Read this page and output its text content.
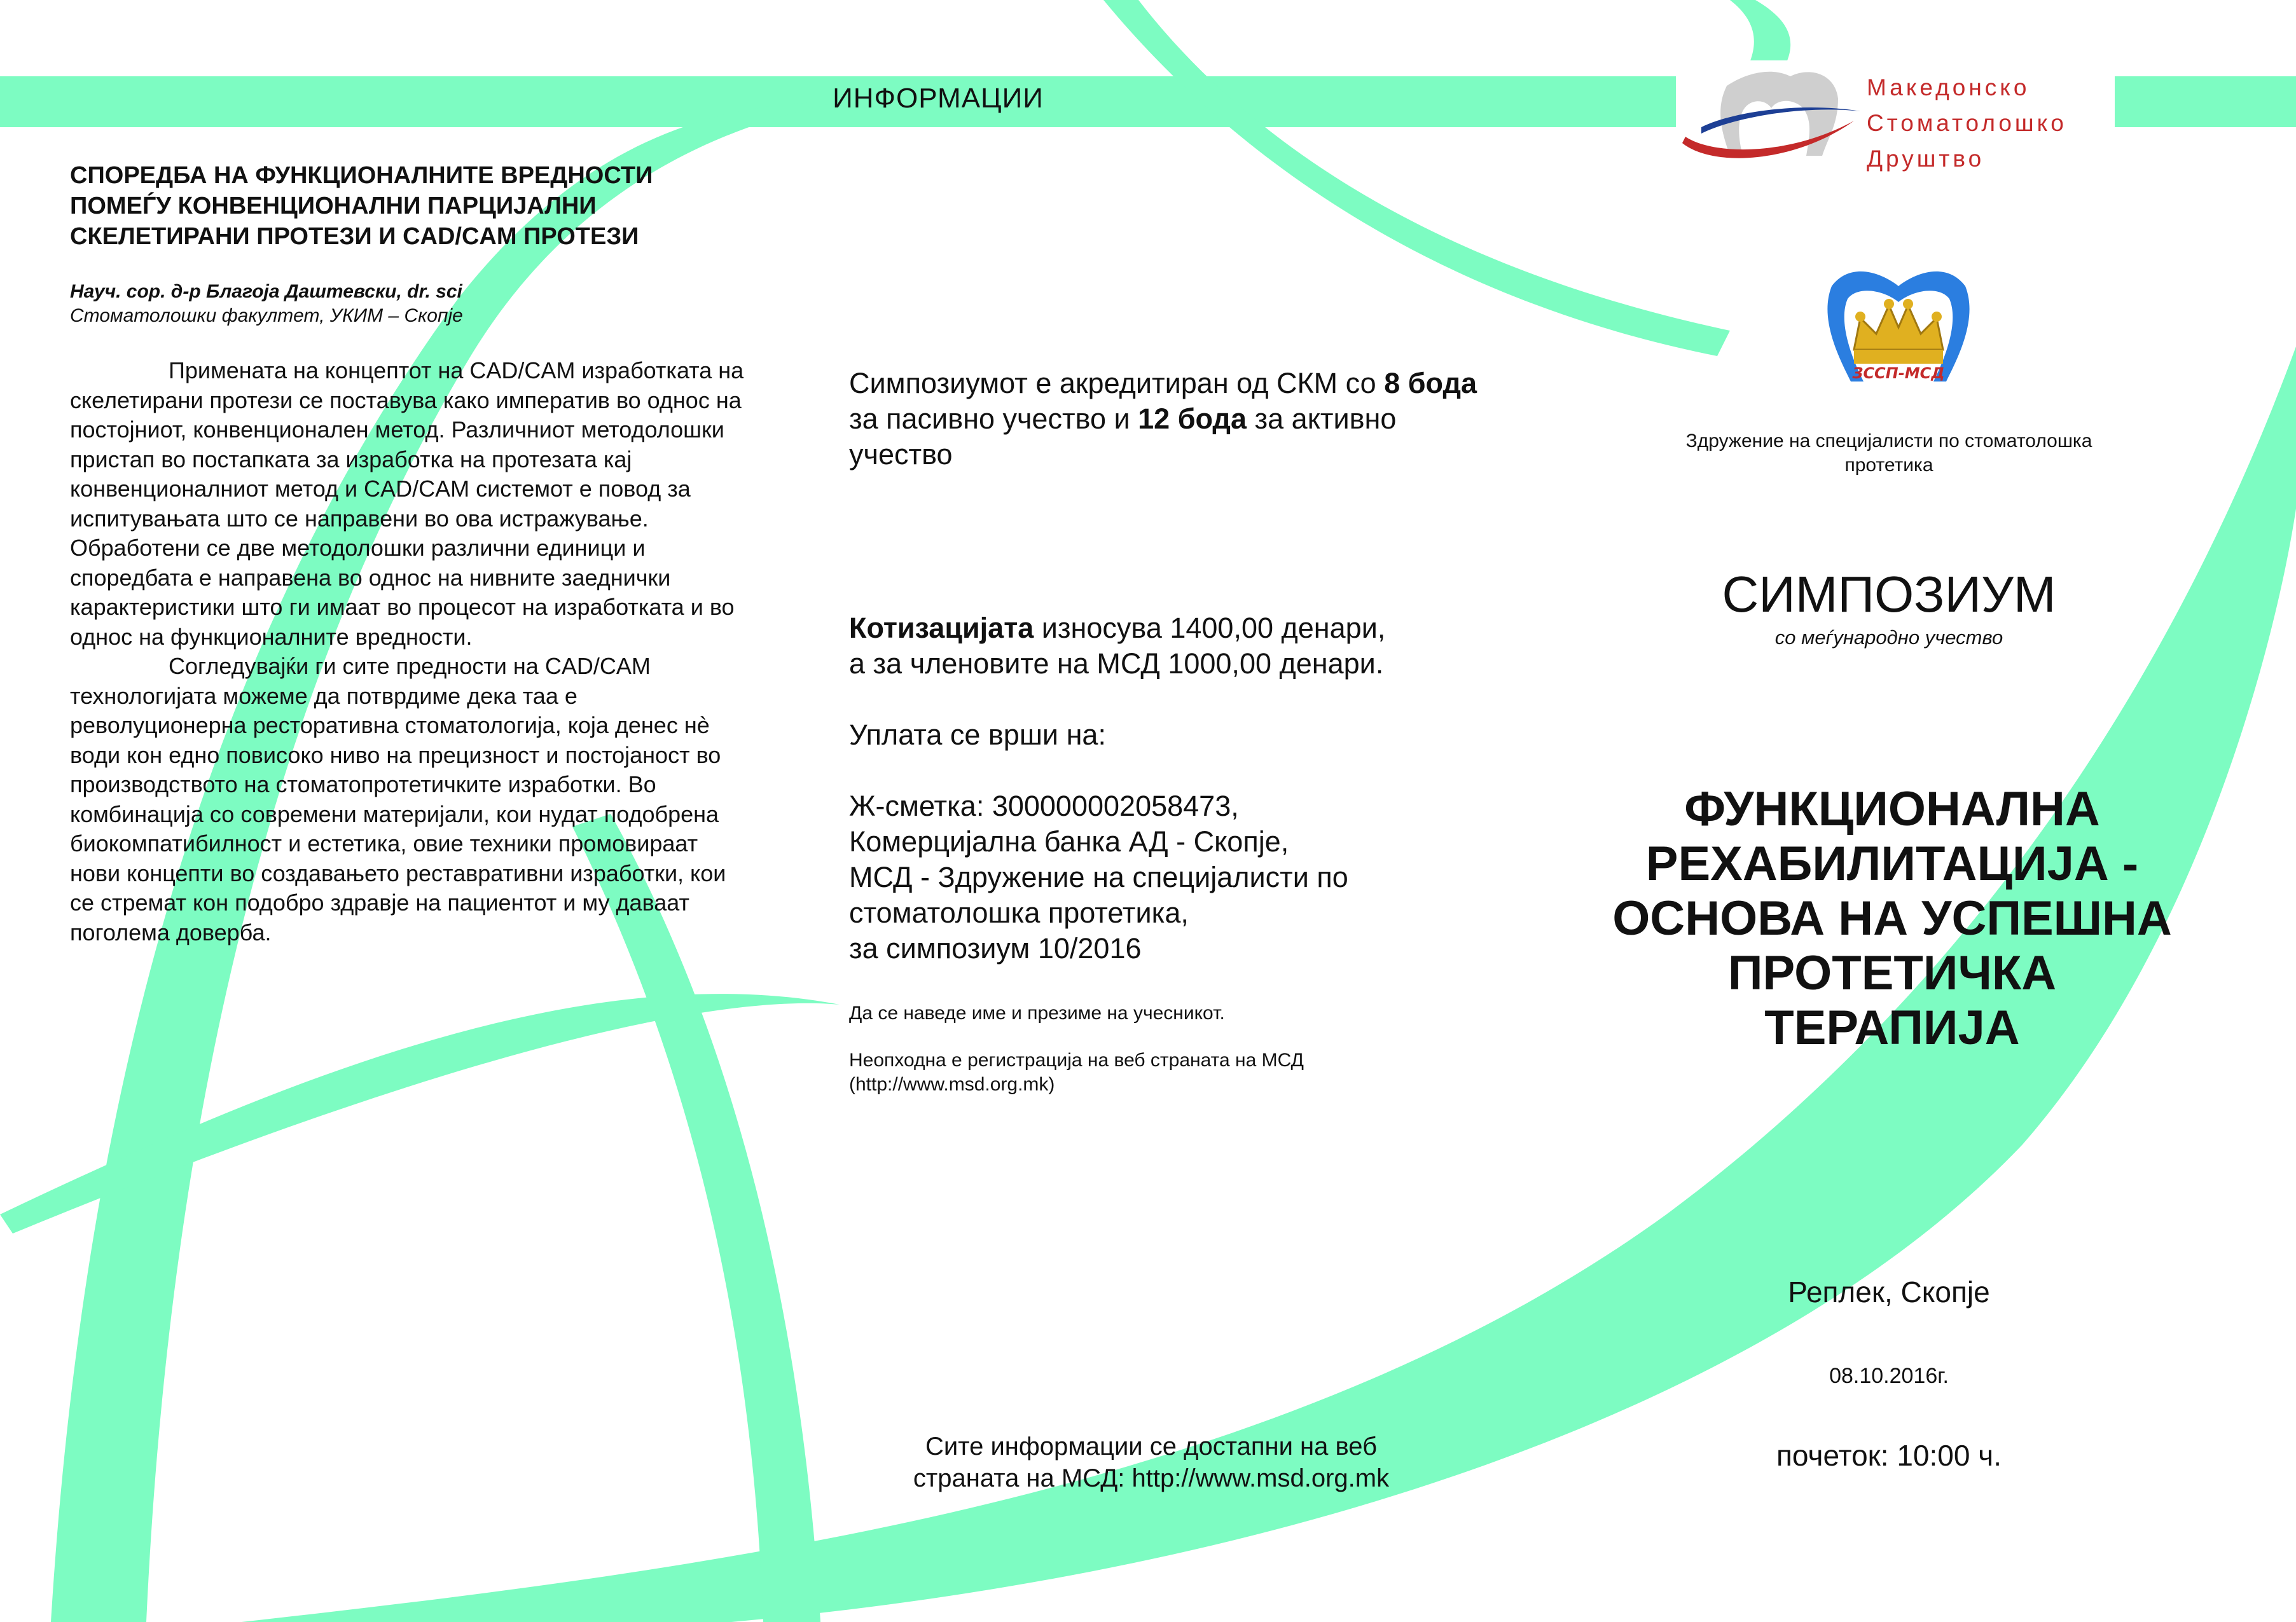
ИНФОРМАЦИИ	Македонско
Стоматолошко
Друштво
СПОРЕДБА НА ФУНКЦИОНАЛНИТЕ ВРЕДНОСТИ
ПОМЕЃУ КОНВЕНЦИОНАЛНИ ПАРЦИЈАЛНИ
СКЕЛЕТИРАНИ ПРОТЕЗИ И CAD/CAM ПРОТЕЗИ
Науч. сор. д-р Благоја Даштевски, dr. sci
Стоматолошки факултет, УКИМ – Скопје

Примената на концептот на CAD/CAM изработката на скелетирани протези се поставува како императив во однос на постојниот, конвенционален метод. Различниот методолошки пристап во постапката за изработка на протезата кај конвенционалниот метод и CAD/CAM системот е повод за испитувањата што се направени во ова истражување. Обработени се две методолошки различни единици и споредбата е направена во однос на нивните заеднички карактеристики што ги имаат во процесот на изработката и во однос на функционалните вредности.

Согледувајќи ги сите предности на CAD/CAM технологијата можеме да потврдиме дека таа е револуционерна ресторативна стоматологија, која денес нè води кон едно повисоко ниво на прецизност и постојаност во производството на стоматопротетичките изработки. Во комбинација со современи материјали, кои нудат подобрена биокомпатибилност и естетика, овие техники промовираат нови концепти во создавањето реставративни изработки, кои се стремат кон подобро здравје на пациентот и му даваат поголема доверба.

Симпозиумот е акредитиран од СКМ со 8 бода за пасивно учество и 12 бода за активно учество

Котизацијата износува 1400,00 денари,
а за членовите на МСД 1000,00 денари.

Уплата се врши на:

Ж-сметка: 300000002058473,
Комерцијална банка АД - Скопје,
МСД - Здружение на специјалисти по
стоматолошка протетика,
за симпозиум 10/2016

Да се наведе име и презиме на учесникот.

Неопходна е регистрација на веб страната на МСД
(http://www.msd.org.mk)

Сите информации се достапни на веб
страната на МСД: http://www.msd.org.mk
ЗССП-МСД
Здружение на специјалисти по стоматолошка
протетика
СИМПОЗИУМ
со меѓународно учество
ФУНКЦИОНАЛНА
РЕХАБИЛИТАЦИЈА -
ОСНОВА НА УСПЕШНА
ПРОТЕТИЧКА
ТЕРАПИЈА
Реплек, Скопје
08.10.2016г.
почеток: 10:00 ч.
